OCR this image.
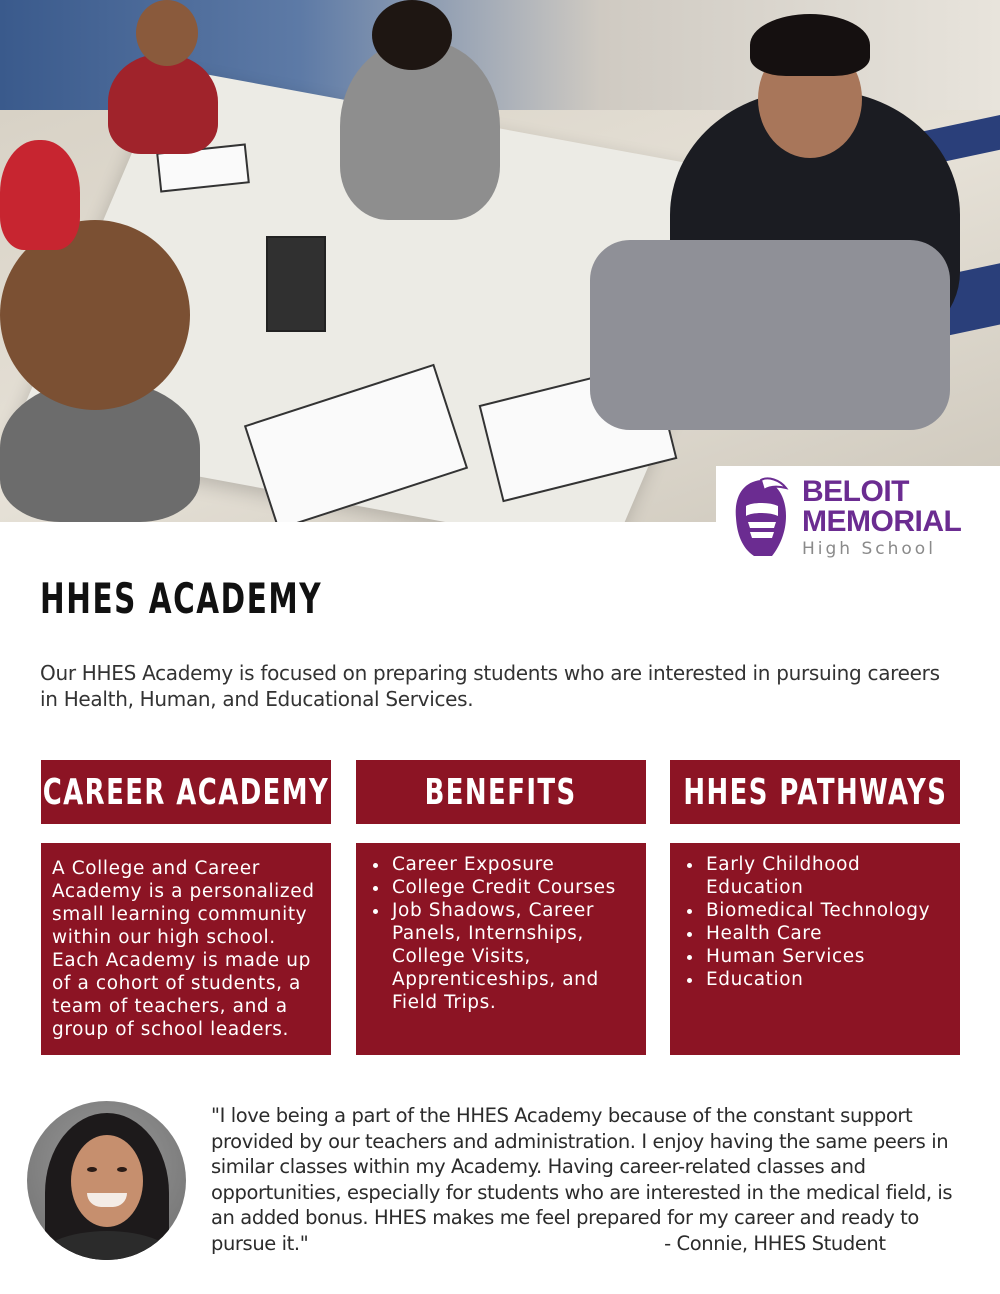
BELOIT
MEMORIAL
High School
HHES ACADEMY
Our HHES Academy is focused on preparing students who are interested in pursuing careers in Health, Human, and Educational Services.
CAREER ACADEMY

A College and Career Academy is a personalized small learning community within our high school. Each Academy is made up of a cohort of students, a team of teachers, and a group of school leaders.

BENEFITS
Career Exposure
College Credit Courses
Job Shadows, Career Panels, Internships, College Visits, Apprenticeships, and Field Trips.
HHES PATHWAYS
Early Childhood Education
Biomedical Technology
Health Care
Human Services
Education
"I love being a part of the HHES Academy because of the constant support provided by our teachers and administration. I enjoy having the same peers in similar classes within my Academy. Having career-related classes and opportunities, especially for students who are interested in the medical field, is an added bonus. HHES makes me feel prepared for my career and ready to pursue it."	- Connie, HHES Student
